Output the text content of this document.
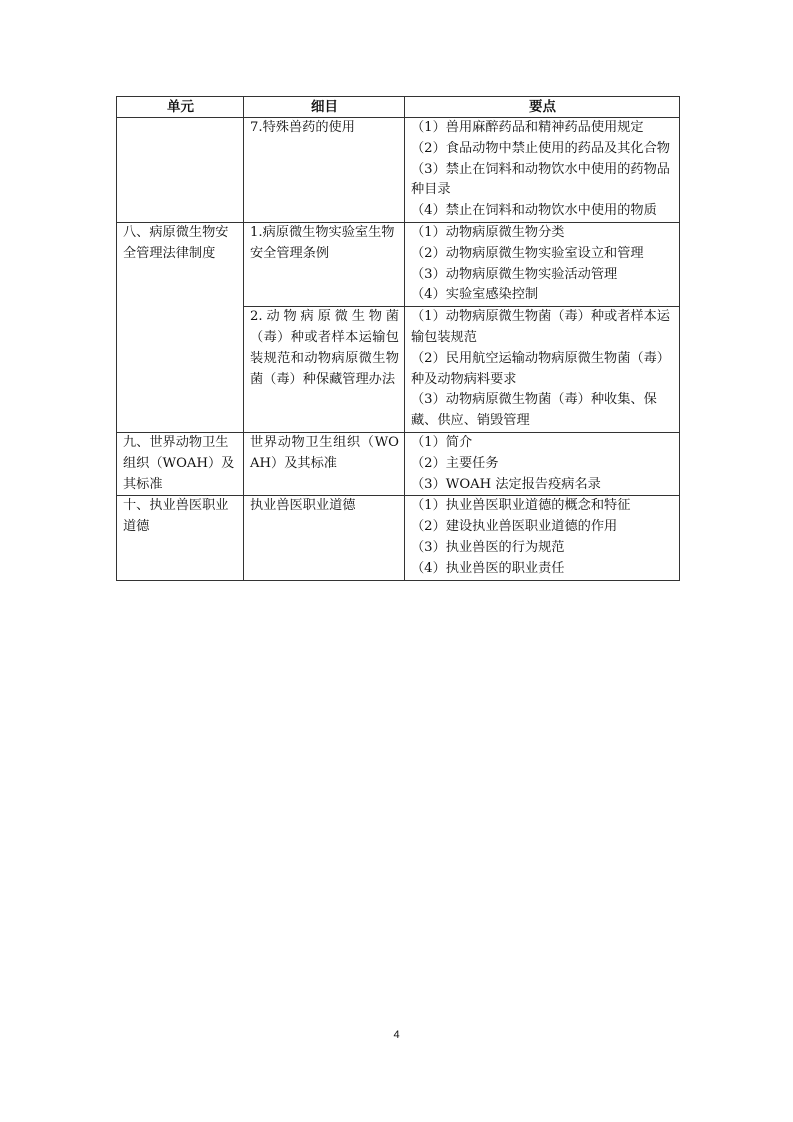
单元	细目	要点

	7.特殊兽药的使用	（1）兽用麻醉药品和精神药品使用规定
（2）食品动物中禁止使用的药品及其化合物
（3）禁止在饲料和动物饮水中使用的药物品种目录
（4）禁止在饲料和动物饮水中使用的物质

八、病原微生物安全管理法律制度	1.病原微生物实验室生物安全管理条例	（1）动物病原微生物分类
（2）动物病原微生物实验室设立和管理
（3）动物病原微生物实验活动管理
（4）实验室感染控制

	2.动物病原微生物菌（毒）种或者样本运输包装规范和动物病原微生物菌（毒）种保藏管理办法	（1）动物病原微生物菌（毒）种或者样本运输包装规范
（2）民用航空运输动物病原微生物菌（毒）种及动物病料要求
（3）动物病原微生物菌（毒）种收集、保藏、供应、销毁管理

九、世界动物卫生组织（WOAH）及其标准	世界动物卫生组织（WOAH）及其标准	（1）简介
（2）主要任务
（3）WOAH 法定报告疫病名录

十、执业兽医职业道德	执业兽医职业道德	（1）执业兽医职业道德的概念和特征
（2）建设执业兽医职业道德的作用
（3）执业兽医的行为规范
（4）执业兽医的职业责任
4
